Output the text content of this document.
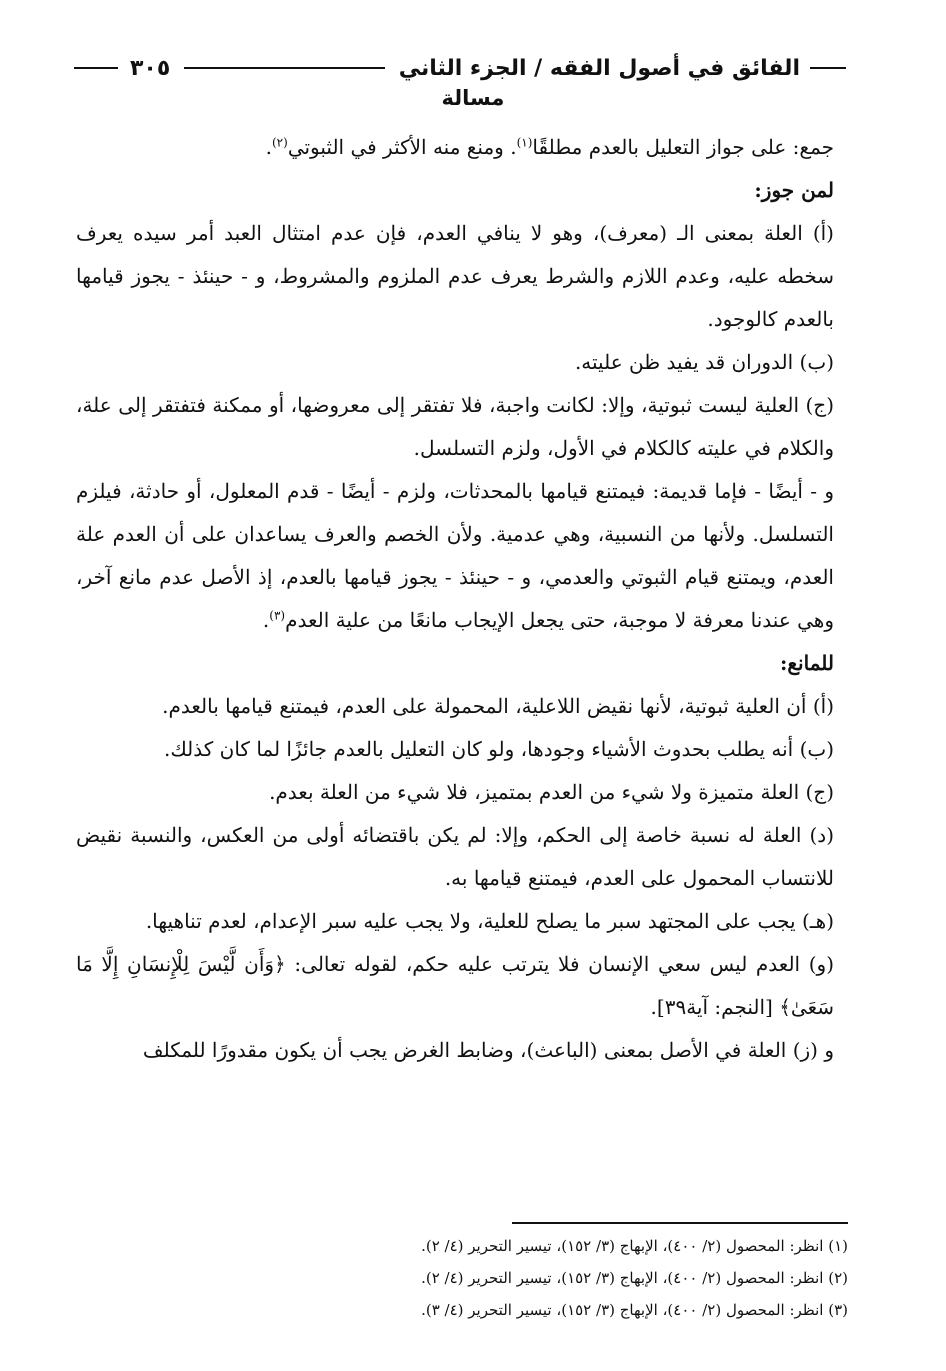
الفائق في أصول الفقه / الجزء الثاني
٣٠٥
مسالة

جمع: على جواز التعليل بالعدم مطلقًا$^{(١)}$. ومنع منه الأكثر في الثبوتي$^{(٢)}$.

لمن جوز:

(أ) العلة بمعنى الـ (معرف)، وهو لا ينافي العدم، فإن عدم امتثال العبد أمر سيده يعرف سخطه عليه، وعدم اللازم والشرط يعرف عدم الملزوم والمشروط، و - حينئذ - يجوز قيامها بالعدم كالوجود.

(ب) الدوران قد يفيد ظن عليته.

(ج) العلية ليست ثبوتية، وإلا: لكانت واجبة، فلا تفتقر إلى معروضها، أو ممكنة فتفتقر إلى علة، والكلام في عليته كالكلام في الأول، ولزم التسلسل.

و - أيضًا - فإما قديمة: فيمتنع قيامها بالمحدثات، ولزم - أيضًا - قدم المعلول، أو حادثة، فيلزم التسلسل. ولأنها من النسبية، وهي عدمية. ولأن الخصم والعرف يساعدان على أن العدم علة العدم، ويمتنع قيام الثبوتي والعدمي، و - حينئذ - يجوز قيامها بالعدم، إذ الأصل عدم مانع آخر، وهي عندنا معرفة لا موجبة، حتى يجعل الإيجاب مانعًا من علية العدم$^{(٣)}$.

للمانع:

(أ) أن العلية ثبوتية، لأنها نقيض اللاعلية، المحمولة على العدم، فيمتنع قيامها بالعدم.

(ب) أنه يطلب بحدوث الأشياء وجودها، ولو كان التعليل بالعدم جائزًا لما كان كذلك.

(ج) العلة متميزة ولا شيء من العدم بمتميز، فلا شيء من العلة بعدم.

(د) العلة له نسبة خاصة إلى الحكم، وإلا: لم يكن باقتضائه أولى من العكس، والنسبة نقيض للانتساب المحمول على العدم، فيمتنع قيامها به.

(هـ) يجب على المجتهد سبر ما يصلح للعلية، ولا يجب عليه سبر الإعدام، لعدم تناهيها.

(و) العدم ليس سعي الإنسان فلا يترتب عليه حكم، لقوله تعالى: ﴿وَأَن لَّيْسَ لِلْإِنسَانِ إِلَّا مَا سَعَىٰ﴾ [النجم: آية٣٩].

و (ز) العلة في الأصل بمعنى (الباعث)، وضابط الغرض يجب أن يكون مقدورًا للمكلف

(١) انظر: المحصول (٢/ ٤٠٠)، الإبهاج (٣/ ١٥٢)، تيسير التحرير (٤/ ٢).

(٢) انظر: المحصول (٢/ ٤٠٠)، الإبهاج (٣/ ١٥٢)، تيسير التحرير (٤/ ٢).

(٣) انظر: المحصول (٢/ ٤٠٠)، الإبهاج (٣/ ١٥٢)، تيسير التحرير (٤/ ٣).
